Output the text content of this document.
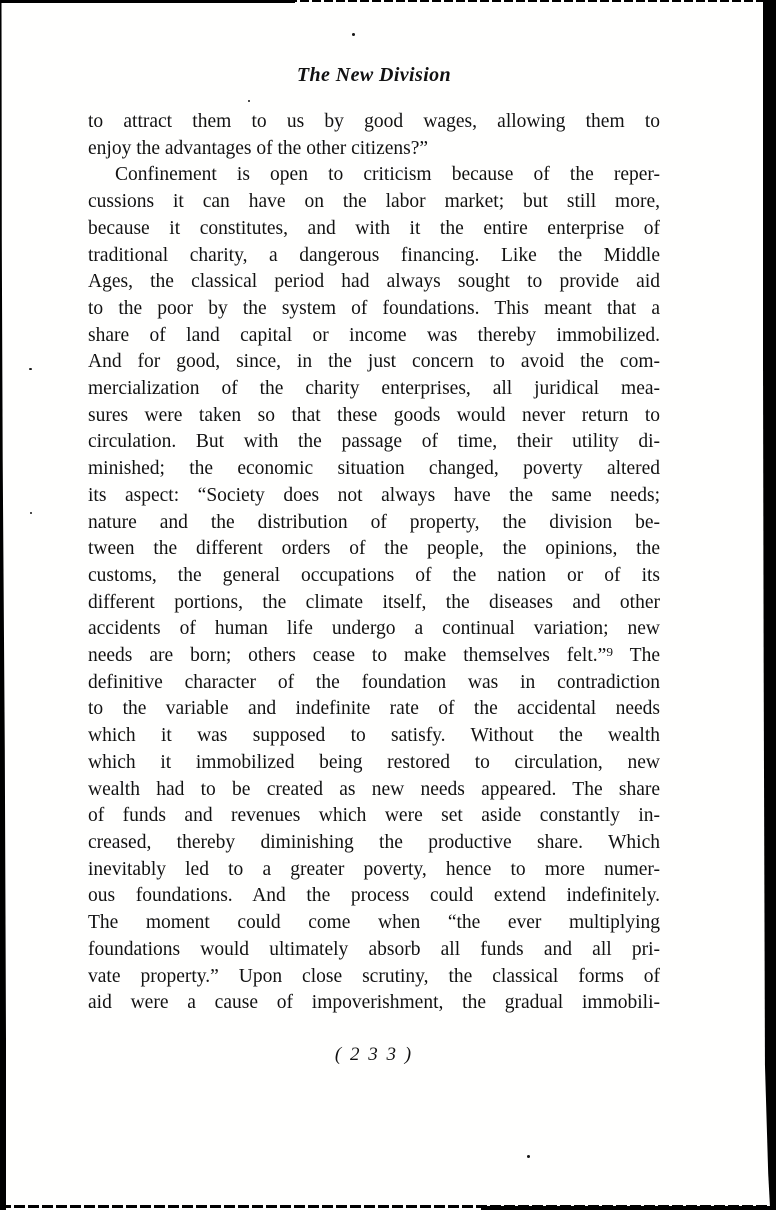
The New Division
to attract them to us by good wages, allowing them to
enjoy the advantages of the other citizens?”
Confinement is open to criticism because of the reper-
cussions it can have on the labor market; but still more,
because it constitutes, and with it the entire enterprise of
traditional charity, a dangerous financing. Like the Middle
Ages, the classical period had always sought to provide aid
to the poor by the system of foundations. This meant that a
share of land capital or income was thereby immobilized.
And for good, since, in the just concern to avoid the com-
mercialization of the charity enterprises, all juridical mea-
sures were taken so that these goods would never return to
circulation. But with the passage of time, their utility di-
minished; the economic situation changed, poverty altered
its aspect: “Society does not always have the same needs;
nature and the distribution of property, the division be-
tween the different orders of the people, the opinions, the
customs, the general occupations of the nation or of its
different portions, the climate itself, the diseases and other
accidents of human life undergo a continual variation; new
needs are born; others cease to make themselves felt.”⁹ The
definitive character of the foundation was in contradiction
to the variable and indefinite rate of the accidental needs
which it was supposed to satisfy. Without the wealth
which it immobilized being restored to circulation, new
wealth had to be created as new needs appeared. The share
of funds and revenues which were set aside constantly in-
creased, thereby diminishing the productive share. Which
inevitably led to a greater poverty, hence to more numer-
ous foundations. And the process could extend indefinitely.
The moment could come when “the ever multiplying
foundations would ultimately absorb all funds and all pri-
vate property.” Upon close scrutiny, the classical forms of
aid were a cause of impoverishment, the gradual immobili-
( 2 3 3 )
